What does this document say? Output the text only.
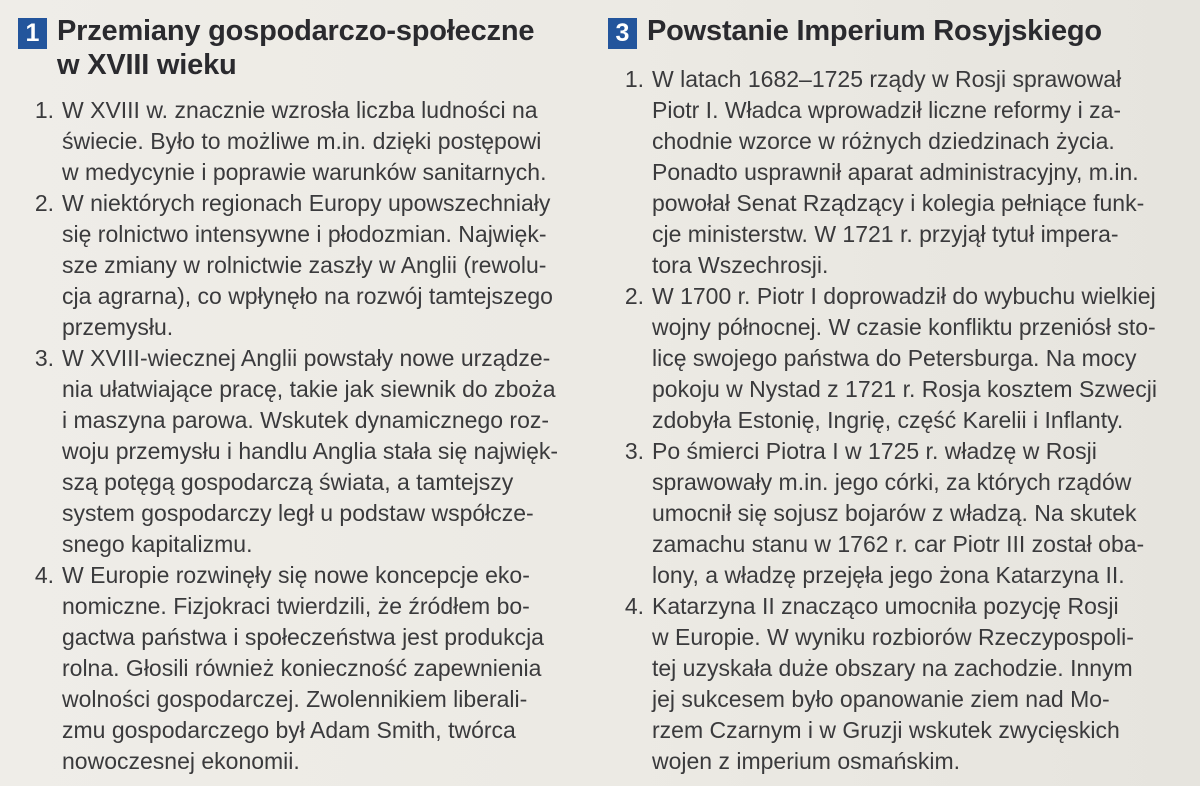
1 Przemiany gospodarczo-społeczne
w XVIII wieku
1. W XVIII w. znacznie wzrosła liczba ludności na
świecie. Było to możliwe m.in. dzięki postępowi
w medycynie i poprawie warunków sanitarnych.
2. W niektórych regionach Europy upowszechniały
się rolnictwo intensywne i płodozmian. Najwięk-
sze zmiany w rolnictwie zaszły w Anglii (rewolu-
cja agrarna), co wpłynęło na rozwój tamtejszego
przemysłu.
3. W XVIII-wiecznej Anglii powstały nowe urządze-
nia ułatwiające pracę, takie jak siewnik do zboża
i maszyna parowa. Wskutek dynamicznego roz-
woju przemysłu i handlu Anglia stała się najwięk-
szą potęgą gospodarczą świata, a tamtejszy
system gospodarczy legł u podstaw współcze-
snego kapitalizmu.
4. W Europie rozwinęły się nowe koncepcje eko-
nomiczne. Fizjokraci twierdzili, że źródłem bo-
gactwa państwa i społeczeństwa jest produkcja
rolna. Głosili również konieczność zapewnienia
wolności gospodarczej. Zwolennikiem liberali-
zmu gospodarczego był Adam Smith, twórca
nowoczesnej ekonomii.
3 Powstanie Imperium Rosyjskiego
1. W latach 1682–1725 rządy w Rosji sprawował
Piotr I. Władca wprowadził liczne reformy i za-
chodnie wzorce w różnych dziedzinach życia.
Ponadto usprawnił aparat administracyjny, m.in.
powołał Senat Rządzący i kolegia pełniące funk-
cje ministerstw. W 1721 r. przyjął tytuł impera-
tora Wszechrosji.
2. W 1700 r. Piotr I doprowadził do wybuchu wielkiej
wojny północnej. W czasie konfliktu przeniósł sto-
licę swojego państwa do Petersburga. Na mocy
pokoju w Nystad z 1721 r. Rosja kosztem Szwecji
zdobyła Estonię, Ingrię, część Karelii i Inflanty.
3. Po śmierci Piotra I w 1725 r. władzę w Rosji
sprawowały m.in. jego córki, za których rządów
umocnił się sojusz bojarów z władzą. Na skutek
zamachu stanu w 1762 r. car Piotr III został oba-
lony, a władzę przejęła jego żona Katarzyna II.
4. Katarzyna II znacząco umocniła pozycję Rosji
w Europie. W wyniku rozbiorów Rzeczypospoli-
tej uzyskała duże obszary na zachodzie. Innym
jej sukcesem było opanowanie ziem nad Mo-
rzem Czarnym i w Gruzji wskutek zwycięskich
wojen z imperium osmańskim.
